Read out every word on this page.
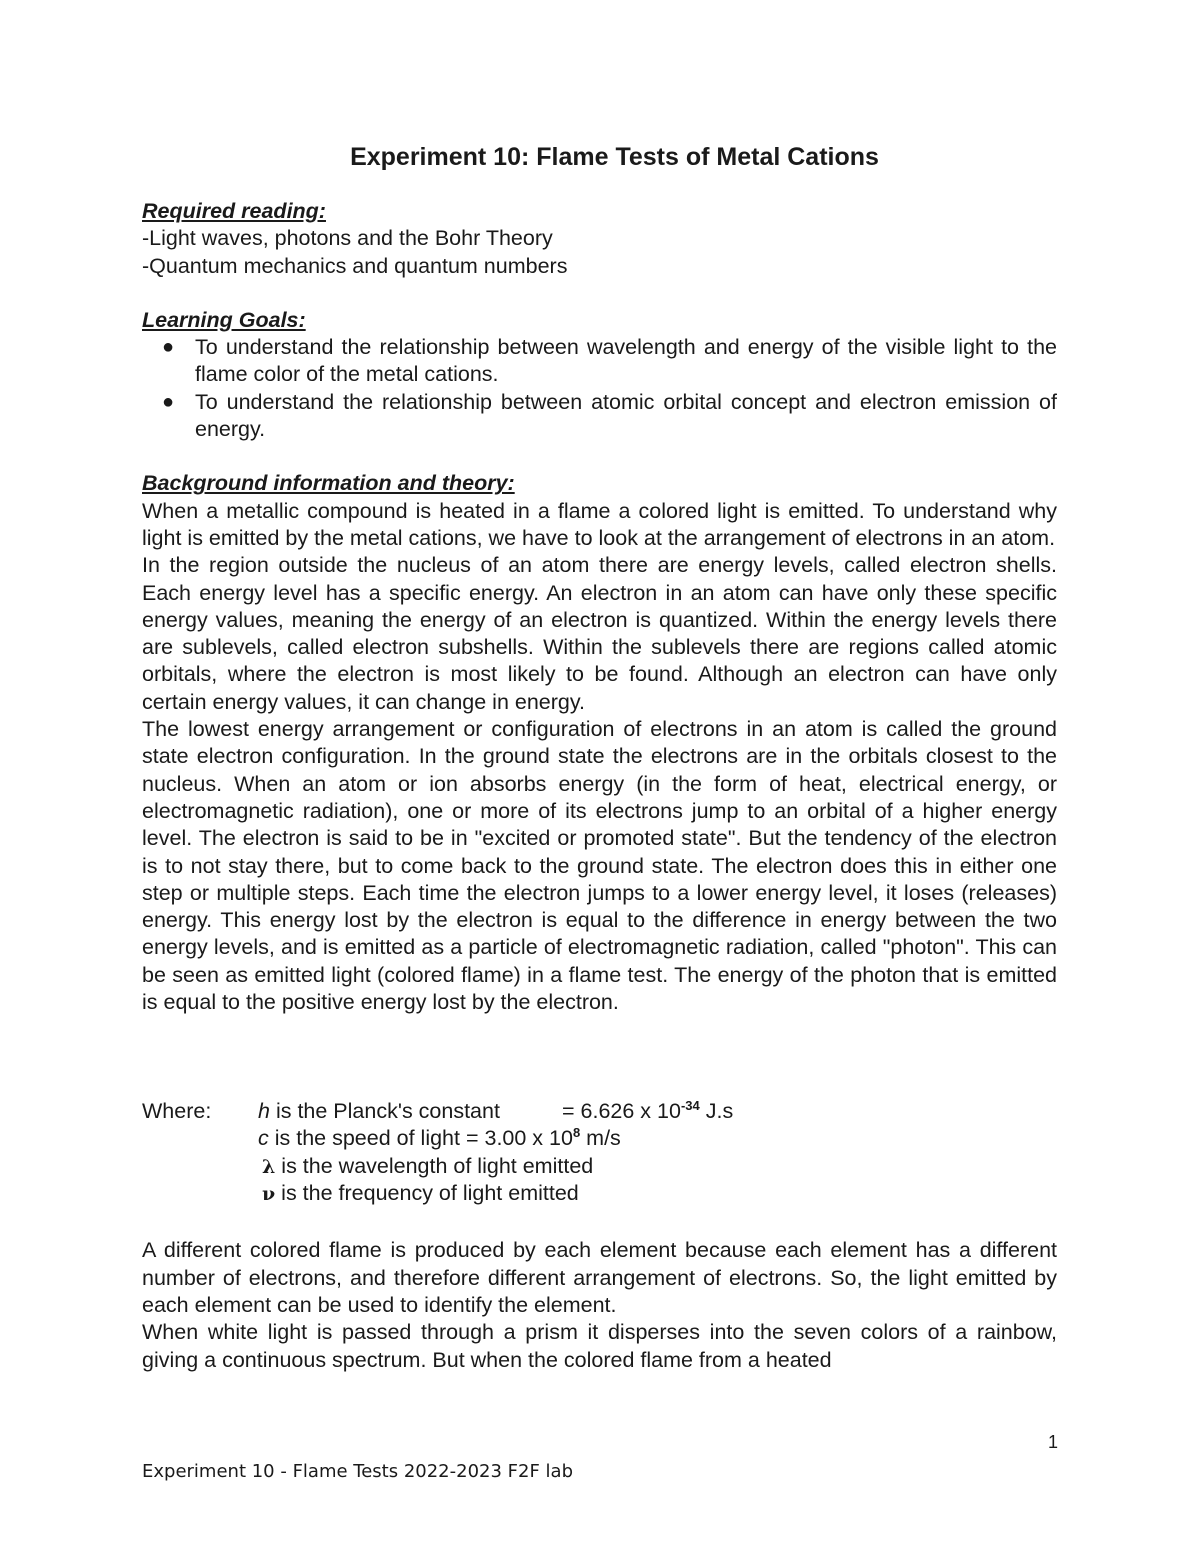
Experiment 10: Flame Tests of Metal Cations

Required reading:

-Light waves, photons and the Bohr Theory

-Quantum mechanics and quantum numbers

Learning Goals:

● To understand the relationship between wavelength and energy of the visible light to the flame color of the metal cations.
● To understand the relationship between atomic orbital concept and electron emission of energy.

Background information and theory:

When a metallic compound is heated in a flame a colored light is emitted. To understand why light is emitted by the metal cations, we have to look at the arrangement of electrons in an atom.

In the region outside the nucleus of an atom there are energy levels, called electron shells. Each energy level has a specific energy. An electron in an atom can have only these specific energy values, meaning the energy of an electron is quantized. Within the energy levels there are sublevels, called electron subshells. Within the sublevels there are regions called atomic orbitals, where the electron is most likely to be found. Although an electron can have only certain energy values, it can change in energy.

The lowest energy arrangement or configuration of electrons in an atom is called the ground state electron configuration. In the ground state the electrons are in the orbitals closest to the nucleus. When an atom or ion absorbs energy (in the form of heat, electrical energy, or electromagnetic radiation), one or more of its electrons jump to an orbital of a higher energy level. The electron is said to be in "excited or promoted state". But the tendency of the electron is to not stay there, but to come back to the ground state. The electron does this in either one step or multiple steps. Each time the electron jumps to a lower energy level, it loses (releases) energy. This energy lost by the electron is equal to the difference in energy between the two energy levels, and is emitted as a particle of electromagnetic radiation, called "photon". This can be seen as emitted light (colored flame) in a flame test. The energy of the photon that is emitted is equal to the positive energy lost by the electron.

Where: h is the Planck's constant	= 6.626 x $10^{-34}$ J.s
c is the speed of light = 3.00 x $10^8$ m/s
λ is the wavelength of light emitted
ν is the frequency of light emitted

A different colored flame is produced by each element because each element has a different number of electrons, and therefore different arrangement of electrons. So, the light emitted by each element can be used to identify the element.

When white light is passed through a prism it disperses into the seven colors of a rainbow, giving a continuous spectrum. But when the colored flame from a heated

1
Experiment 10 - Flame Tests 2022-2023 F2F lab
